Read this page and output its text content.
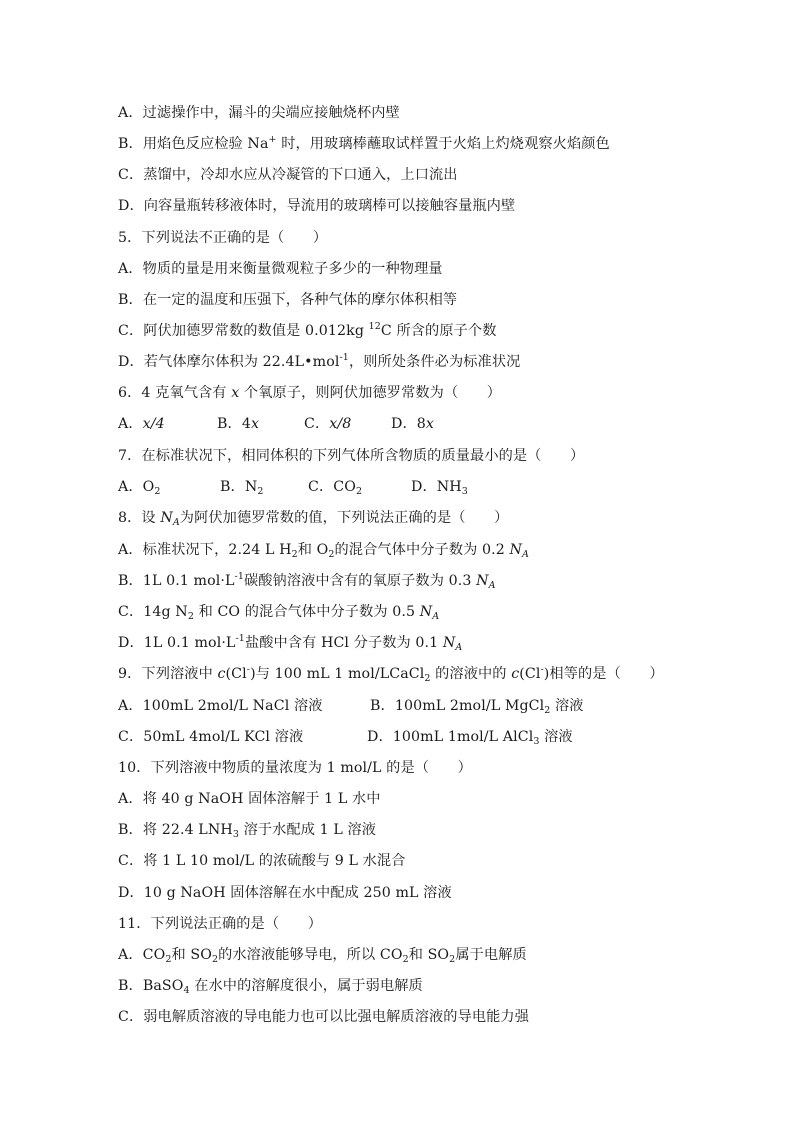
A．过滤操作中，漏斗的尖端应接触烧杯内壁
B．用焰色反应检验 Na+ 时，用玻璃棒蘸取试样置于火焰上灼烧观察火焰颜色
C．蒸馏中，冷却水应从冷凝管的下口通入，上口流出
D．向容量瓶转移液体时，导流用的玻璃棒可以接触容量瓶内壁
5．下列说法不正确的是（　　）
A．物质的量是用来衡量微观粒子多少的一种物理量
B．在一定的温度和压强下，各种气体的摩尔体积相等
C．阿伏加德罗常数的数值是 0.012kg $^{12}$C 所含的原子个数
D．若气体摩尔体积为 22.4L•mol$^{-1}$，则所处条件必为标准状况
6．4 克氧气含有 x 个氧原子，则阿伏加德罗常数为（　　）
A．x/4	B．4x	C．x/8	D．8x
7．在标准状况下，相同体积的下列气体所含物质的质量最小的是（　　）
A．$O_2$	B．$N_2$	C．$CO_2$	D．$NH_3$
8．设 $N_A$为阿伏加德罗常数的值，下列说法正确的是（　　）
A．标准状况下，2.24 L $H_2$和 $O_2$的混合气体中分子数为 0.2 $N_A$
B．1L 0.1 $mol\cdot L^{-1}$碳酸钠溶液中含有的氧原子数为 0.3 $N_A$
C．14g $N_2$ 和 CO 的混合气体中分子数为 0.5 $N_A$
D．1L 0.1 $mol\cdot L^{-1}$盐酸中含有 HCl 分子数为 0.1 $N_A$
9．下列溶液中 c(Cl-)与 100 mL 1 mol/LCaCl$_2$ 的溶液中的 c(Cl-)相等的是（　　）
A．100mL 2mol/L NaCl 溶液	B．100mL 2mol/L MgCl$_2$ 溶液
C．50mL 4mol/L KCl 溶液	D．100mL 1mol/L AlCl$_3$ 溶液
10．下列溶液中物质的量浓度为 1 mol/L 的是（　　）
A．将 40 g NaOH 固体溶解于 1 L 水中
B．将 22.4 $LNH_3$ 溶于水配成 1 L 溶液
C．将 1 L 10 mol/L 的浓硫酸与 9 L 水混合
D．10 g NaOH 固体溶解在水中配成 250 mL 溶液
11．下列说法正确的是（　　）
A．$CO_2$和 $SO_2$的水溶液能够导电，所以 $CO_2$和 $SO_2$属于电解质
B．BaSO$_4$ 在水中的溶解度很小，属于弱电解质
C．弱电解质溶液的导电能力也可以比强电解质溶液的导电能力强
